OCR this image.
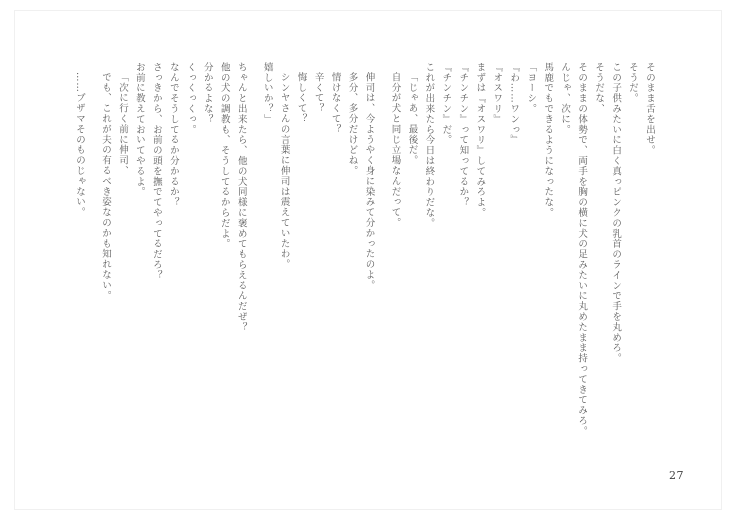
……ブザマそのものじゃない。 でも、これが夫の有るべき姿なのかも知れない。 「次に行く前に伸司、 お前に教えておいてやるよ。 さっきから、お前の頭を撫でてやってるだろ？ なんでそうしてるか分かるか？ くっくっくっ。 分かるよな？ 他の犬の調教も、そうしてるからだよ。 ちゃんと出来たら、他の犬同様に褒めてもらえるんだぜ？ 嬉しいか？」 シンヤさんの言葉に伸司は震えていたわ。 悔しくて？ 辛くて？ 情けなくて？ 多分、多分だけどね。 伸司は、今ようやく身に染みて分かったのよ。 自分が犬と同じ立場なんだって。 「じゃあ、最後だ。 これが出来たら今日は終わりだな。 『チンチン』だ。 『チンチン』って知ってるか？ まずは『オスワリ』してみろよ。 『オスワリ』 『わ……ワンっ』 「ヨーシ。 馬鹿でもできるようになったな。 んじゃ、次に。 そのままの体勢で、両手を胸の横に犬の足みたいに丸めたまま持ってきてみろ。 そうだな、 この子供みたいに白く真っピンクの乳首のラインで手を丸めろ。 そうだ。 そのまま舌を出せ。
27
